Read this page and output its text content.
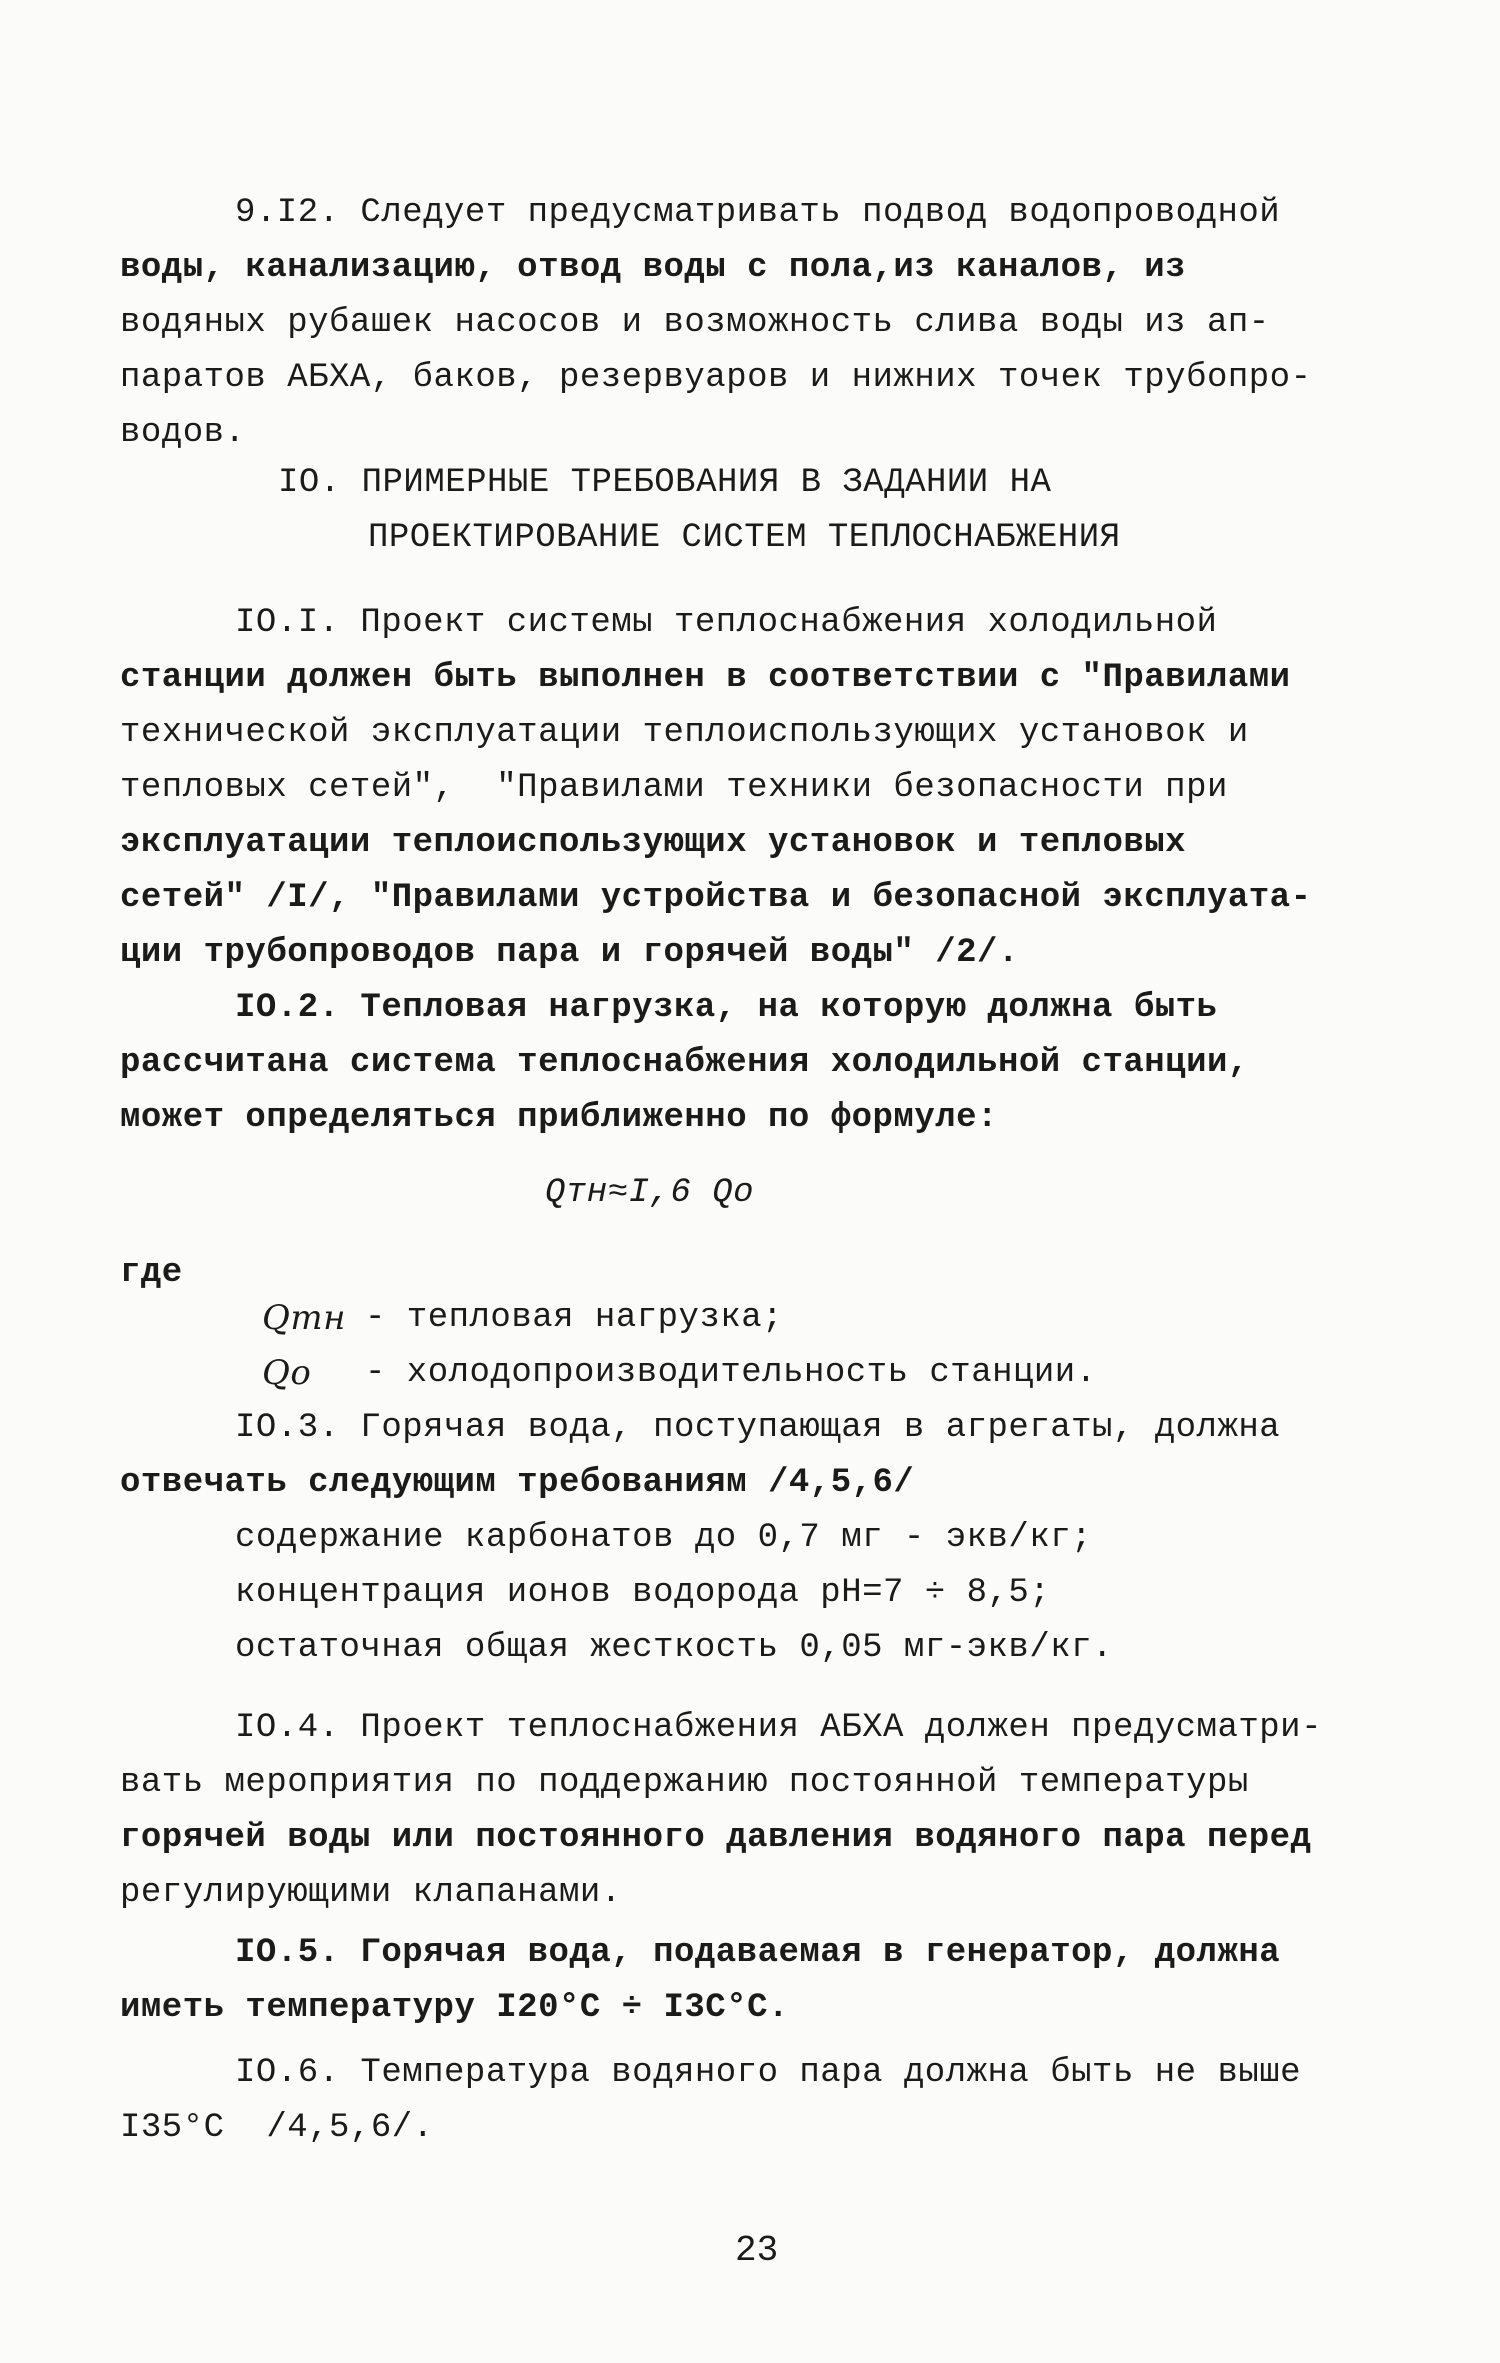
9.I2. Следует предусматривать подвод водопроводной

воды, канализацию, отвод воды с пола,из каналов, из

водяных рубашек насосов и возможность слива воды из ап-

паратов АБХА, баков, резервуаров и нижних точек трубопро-

водов.

IO. ПРИМЕРНЫЕ ТРЕБОВАНИЯ В ЗАДАНИИ НА

ПРОЕКТИРОВАНИЕ СИСТЕМ ТЕПЛОСНАБЖЕНИЯ

IO.I. Проект системы теплоснабжения холодильной

станции должен быть выполнен в соответствии с "Правилами

технической эксплуатации теплоиспользующих установок и

тепловых сетей",  "Правилами техники безопасности при

эксплуатации теплоиспользующих установок и тепловых

сетей" /I/, "Правилами устройства и безопасной эксплуата-

ции трубопроводов пара и горячей воды" /2/.

IO.2. Тепловая нагрузка, на которую должна быть

рассчитана система теплоснабжения холодильной станции,

может определяться приближенно по формуле:

Qтн≈I,6 Qo

где

Qтн - тепловая нагрузка;

Qo - холодопроизводительность станции.

IO.3. Горячая вода, поступающая в агрегаты, должна

отвечать следующим требованиям /4,5,6/

содержание карбонатов до 0,7 мг - экв/кг;

концентрация ионов водорода pH=7 ÷ 8,5;

остаточная общая жесткость 0,05 мг-экв/кг.

IO.4. Проект теплоснабжения АБХА должен предусматри-

вать мероприятия по поддержанию постоянной температуры

горячей воды или постоянного давления водяного пара перед

регулирующими клапанами.

IO.5. Горячая вода, подаваемая в генератор, должна

иметь температуру I20°C ÷ I3C°C.

IO.6. Температура водяного пара должна быть не выше

I35°C  /4,5,6/.

23
